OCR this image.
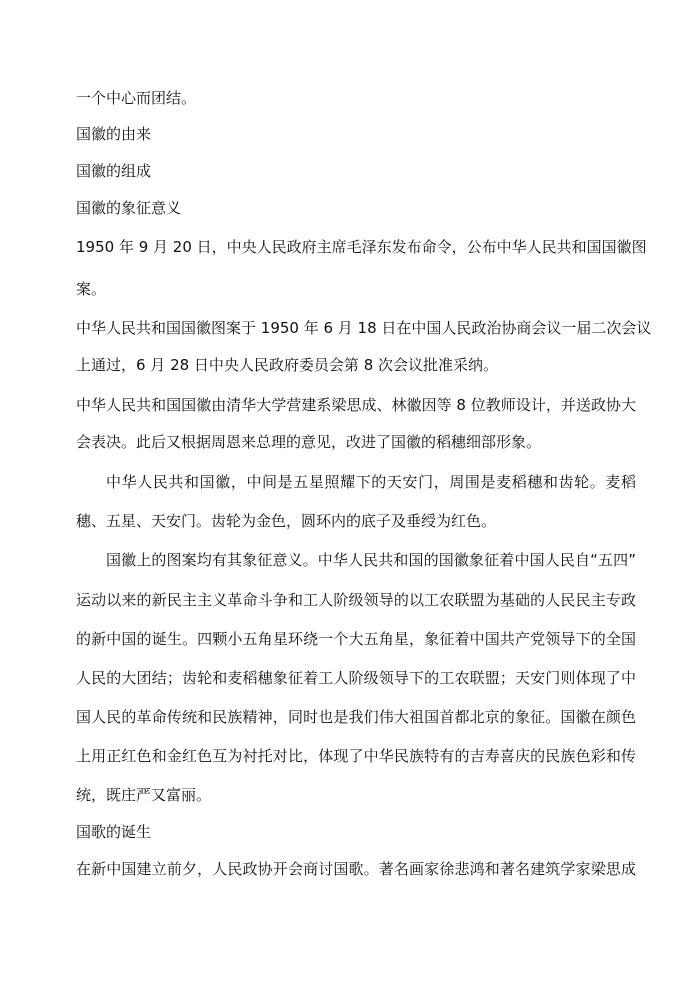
一个中心而团结。
国徽的由来
国徽的组成
国徽的象征意义
1950 年 9 月 20 日，中央人民政府主席毛泽东发布命令，公布中华人民共和国国徽图
案。
中华人民共和国国徽图案于 1950 年 6 月 18 日在中国人民政治协商会议一届二次会议
上通过，6 月 28 日中央人民政府委员会第 8 次会议批准采纳。
中华人民共和国国徽由清华大学营建系梁思成、林徽因等 8 位教师设计，并送政协大
会表决。此后又根据周恩来总理的意见，改进了国徽的稻穗细部形象。
中华人民共和国徽，中间是五星照耀下的天安门，周围是麦稻穗和齿轮。麦稻
穗、五星、天安门。齿轮为金色，圆环内的底子及垂绶为红色。
国徽上的图案均有其象征意义。中华人民共和国的国徽象征着中国人民自“五四”
运动以来的新民主主义革命斗争和工人阶级领导的以工农联盟为基础的人民民主专政
的新中国的诞生。四颗小五角星环绕一个大五角星，象征着中国共产党领导下的全国
人民的大团结；齿轮和麦稻穗象征着工人阶级领导下的工农联盟；天安门则体现了中
国人民的革命传统和民族精神，同时也是我们伟大祖国首都北京的象征。国徽在颜色
上用正红色和金红色互为衬托对比，体现了中华民族特有的吉寿喜庆的民族色彩和传
统，既庄严又富丽。
国歌的诞生
在新中国建立前夕，人民政协开会商讨国歌。著名画家徐悲鸿和著名建筑学家梁思成
